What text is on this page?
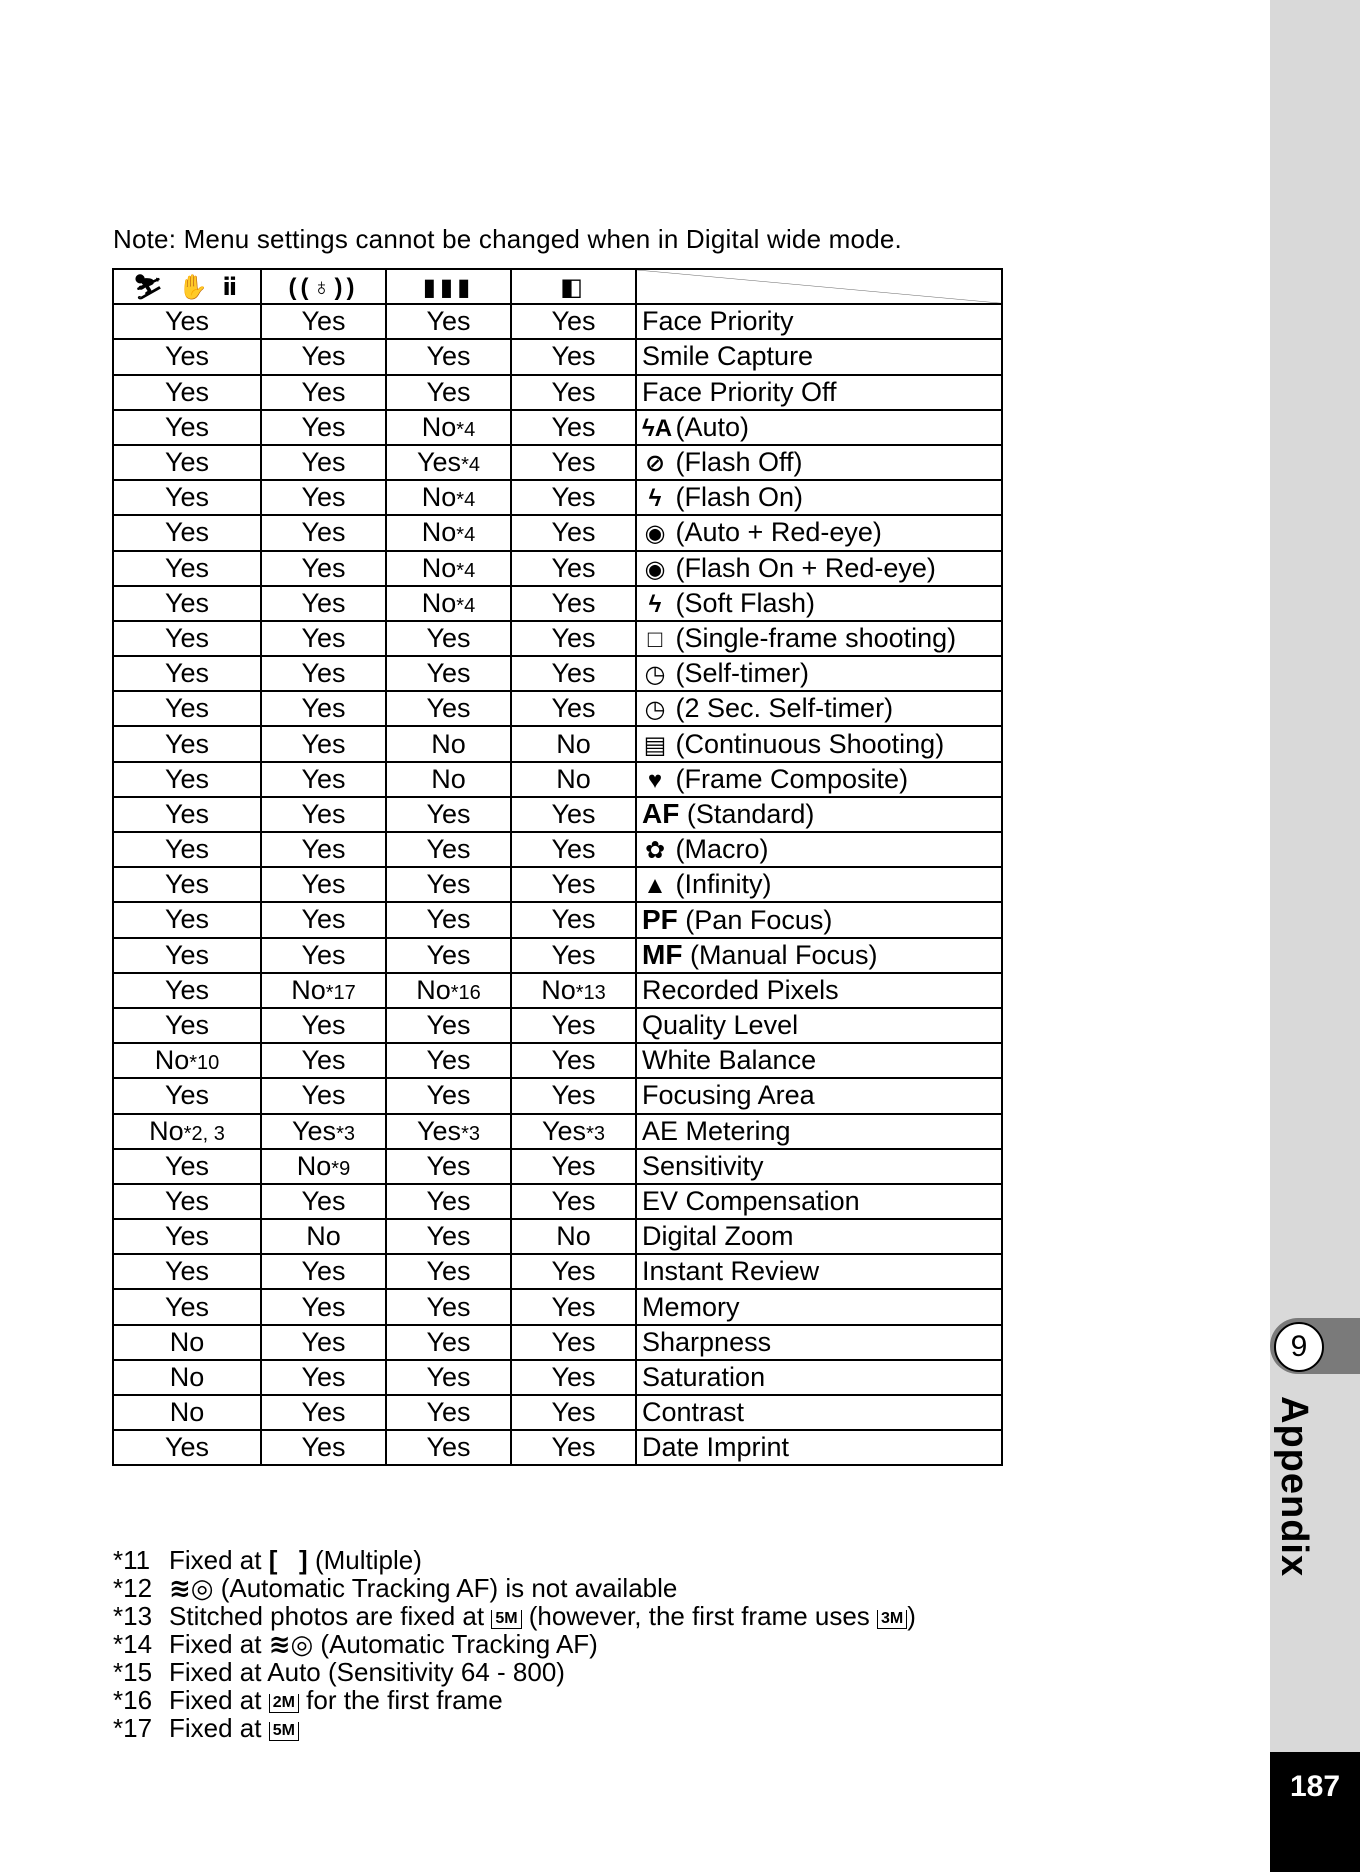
9
Appendix
187
Note: Menu settings cannot be changed when in Digital wide mode.
⛷ ✋ ⅱ	((♁))	▮▮▮	◧	

Yes	Yes	Yes	Yes	Face Priority
Yes	Yes	Yes	Yes	Smile Capture
Yes	Yes	Yes	Yes	Face Priority Off
Yes	Yes	No*4	Yes	ϟA (Auto)
Yes	Yes	Yes*4	Yes	⊘ (Flash Off)
Yes	Yes	No*4	Yes	ϟ (Flash On)
Yes	Yes	No*4	Yes	◉ (Auto + Red-eye)
Yes	Yes	No*4	Yes	◉ (Flash On + Red-eye)
Yes	Yes	No*4	Yes	ϟ (Soft Flash)
Yes	Yes	Yes	Yes	□ (Single-frame shooting)
Yes	Yes	Yes	Yes	◷ (Self-timer)
Yes	Yes	Yes	Yes	◷ (2 Sec. Self-timer)
Yes	Yes	No	No	▤ (Continuous Shooting)
Yes	Yes	No	No	♥ (Frame Composite)
Yes	Yes	Yes	Yes	AF (Standard)
Yes	Yes	Yes	Yes	✿ (Macro)
Yes	Yes	Yes	Yes	▲ (Infinity)
Yes	Yes	Yes	Yes	PF (Pan Focus)
Yes	Yes	Yes	Yes	MF (Manual Focus)
Yes	No*17	No*16	No*13	Recorded Pixels
Yes	Yes	Yes	Yes	Quality Level
No*10	Yes	Yes	Yes	White Balance
Yes	Yes	Yes	Yes	Focusing Area
No*2, 3	Yes*3	Yes*3	Yes*3	AE Metering
Yes	No*9	Yes	Yes	Sensitivity
Yes	Yes	Yes	Yes	EV Compensation
Yes	No	Yes	No	Digital Zoom
Yes	Yes	Yes	Yes	Instant Review
Yes	Yes	Yes	Yes	Memory
No	Yes	Yes	Yes	Sharpness
No	Yes	Yes	Yes	Saturation
No	Yes	Yes	Yes	Contrast
Yes	Yes	Yes	Yes	Date Imprint
*11 Fixed at [   ] (Multiple)
*12 ≋◎ (Automatic Tracking AF) is not available
*13 Stitched photos are fixed at 5M (however, the first frame uses 3M )
*14 Fixed at ≋◎ (Automatic Tracking AF)
*15 Fixed at Auto (Sensitivity 64 - 800)
*16 Fixed at 2M for the first frame
*17 Fixed at 5M
